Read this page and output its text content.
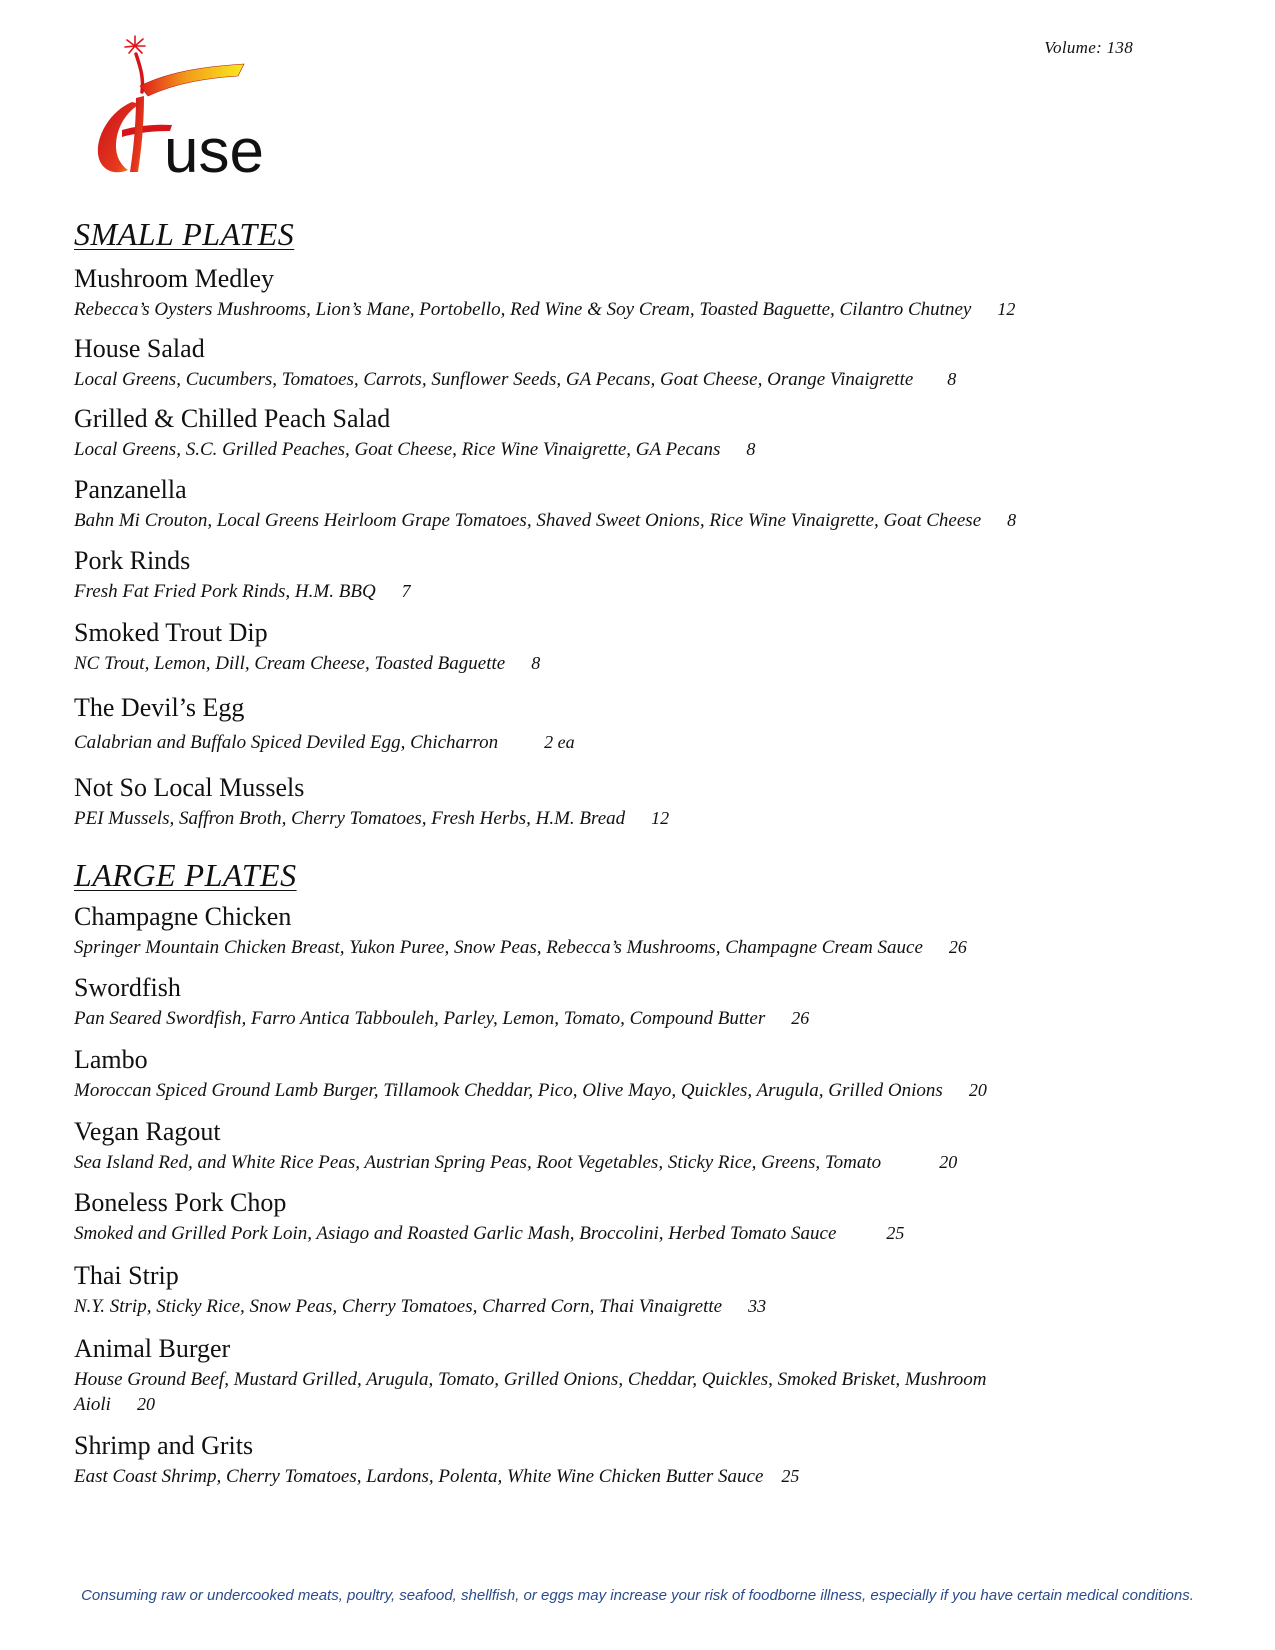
use
Volume: 138
SMALL PLATES
Mushroom Medley
Rebecca’s Oysters Mushrooms, Lion’s Mane, Portobello, Red Wine & Soy Cream, Toasted Baguette, Cilantro Chutney 12
House Salad
Local Greens, Cucumbers, Tomatoes, Carrots, Sunflower Seeds, GA Pecans, Goat Cheese, Orange Vinaigrette 8
Grilled & Chilled Peach Salad
Local Greens, S.C. Grilled Peaches, Goat Cheese, Rice Wine Vinaigrette, GA Pecans 8
Panzanella
Bahn Mi Crouton, Local Greens Heirloom Grape Tomatoes, Shaved Sweet Onions, Rice Wine Vinaigrette, Goat Cheese 8
Pork Rinds
Fresh Fat Fried Pork Rinds, H.M. BBQ 7
Smoked Trout Dip
NC Trout, Lemon, Dill, Cream Cheese, Toasted Baguette 8
The Devil’s Egg
Calabrian and Buffalo Spiced Deviled Egg, Chicharron	2 ea
Not So Local Mussels
PEI Mussels, Saffron Broth, Cherry Tomatoes, Fresh Herbs, H.M. Bread 12
LARGE PLATES
Champagne Chicken
Springer Mountain Chicken Breast, Yukon Puree, Snow Peas, Rebecca’s Mushrooms, Champagne Cream Sauce 26
Swordfish
Pan Seared Swordfish, Farro Antica Tabbouleh, Parley, Lemon, Tomato, Compound Butter 26
Lambo
Moroccan Spiced Ground Lamb Burger, Tillamook Cheddar, Pico, Olive Mayo, Quickles, Arugula, Grilled Onions 20
Vegan Ragout
Sea Island Red, and White Rice Peas, Austrian Spring Peas, Root Vegetables, Sticky Rice, Greens, Tomato	20
Boneless Pork Chop
Smoked and Grilled Pork Loin, Asiago and Roasted Garlic Mash, Broccolini, Herbed Tomato Sauce	25
Thai Strip
N.Y. Strip, Sticky Rice, Snow Peas, Cherry Tomatoes, Charred Corn, Thai Vinaigrette 33
Animal Burger
House Ground Beef, Mustard Grilled, Arugula, Tomato, Grilled Onions, Cheddar, Quickles, Smoked Brisket, Mushroom Aioli 20
Shrimp and Grits
East Coast Shrimp, Cherry Tomatoes, Lardons, Polenta, White Wine Chicken Butter Sauce 25
Consuming raw or undercooked meats, poultry, seafood, shellfish, or eggs may increase your risk of foodborne illness, especially if you have certain medical conditions.
